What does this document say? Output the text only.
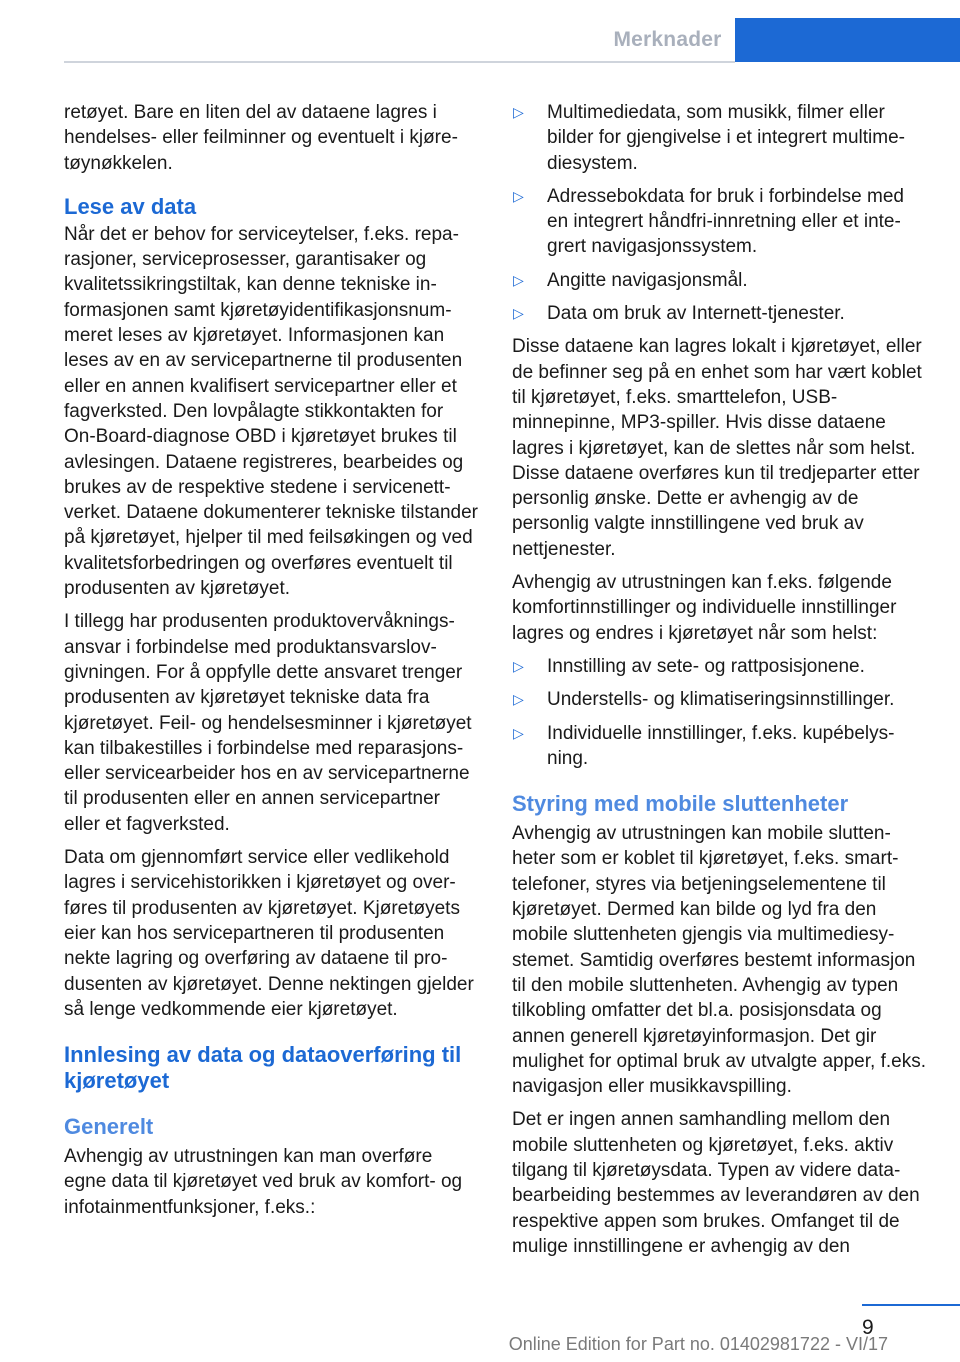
Merknader

retøyet. Bare en liten del av dataene lagres i hendelses- eller feilminner og eventuelt i kjøretøynøkkelen.

Lese av data

Når det er behov for serviceytelser, f.eks. reparasjoner, serviceprosesser, garantisaker og kvalitetssikringstiltak, kan denne tekniske informasjonen samt kjøretøyidentifikasjonsnummeret leses av kjøretøyet. Informasjonen kan leses av en av servicepartnerne til produsenten eller en annen kvalifisert servicepartner eller et fagverksted. Den lovpålagte stikkontakten for On-Board-diagnose OBD i kjøretøyet brukes til avlesingen. Dataene registreres, bearbeides og brukes av de respektive stedene i servicenettverket. Dataene dokumenterer tekniske tilstander på kjøretøyet, hjelper til med feilsøkingen og ved kvalitetsforbedringen og overføres eventuelt til produsenten av kjøretøyet.

I tillegg har produsenten produktovervåkningsansvar i forbindelse med produktansvarslovgivningen. For å oppfylle dette ansvaret trenger produsenten av kjøretøyet tekniske data fra kjøretøyet. Feil- og hendelsesminner i kjøretøyet kan tilbakestilles i forbindelse med reparasjons- eller servicearbeider hos en av servicepartnerne til produsenten eller en annen servicepartner eller et fagverksted.

Data om gjennomført service eller vedlikehold lagres i servicehistorikken i kjøretøyet og overføres til produsenten av kjøretøyet. Kjøretøyets eier kan hos servicepartneren til produsenten nekte lagring og overføring av dataene til produsenten av kjøretøyet. Denne nektingen gjelder så lenge vedkommende eier kjøretøyet.

Innlesing av data og dataoverføring til kjøretøyet
Generelt

Avhengig av utrustningen kan man overføre egne data til kjøretøyet ved bruk av komfort- og infotainmentfunksjoner, f.eks.:

▷	Multimediedata, som musikk, filmer eller bilder for gjengivelse i et integrert multimediesystem.
▷	Adressebokdata for bruk i forbindelse med en integrert håndfri-innretning eller et integrert navigasjonssystem.
▷	Angitte navigasjonsmål.
▷	Data om bruk av Internett-tjenester.

Disse dataene kan lagres lokalt i kjøretøyet, eller de befinner seg på en enhet som har vært koblet til kjøretøyet, f.eks. smarttelefon, USB-minnepinne, MP3-spiller. Hvis disse dataene lagres i kjøretøyet, kan de slettes når som helst. Disse dataene overføres kun til tredjeparter etter personlig ønske. Dette er avhengig av de personlig valgte innstillingene ved bruk av nettjenester.

Avhengig av utrustningen kan f.eks. følgende komfortinnstillinger og individuelle innstillinger lagres og endres i kjøretøyet når som helst:

▷	Innstilling av sete- og rattposisjonene.
▷	Understells- og klimatiseringsinnstillinger.
▷	Individuelle innstillinger, f.eks. kupébelysning.
Styring med mobile sluttenheter

Avhengig av utrustningen kan mobile sluttenheter som er koblet til kjøretøyet, f.eks. smarttelefoner, styres via betjeningselementene til kjøretøyet. Dermed kan bilde og lyd fra den mobile sluttenheten gjengis via multimediesystemet. Samtidig overføres bestemt informasjon til den mobile sluttenheten. Avhengig av typen tilkobling omfatter det bl.a. posisjonsdata og annen generell kjøretøyinformasjon. Det gir mulighet for optimal bruk av utvalgte apper, f.eks. navigasjon eller musikkavspilling.

Det er ingen annen samhandling mellom den mobile sluttenheten og kjøretøyet, f.eks. aktiv tilgang til kjøretøysdata. Typen av videre databearbeiding bestemmes av leverandøren av den respektive appen som brukes. Omfanget til de mulige innstillingene er avhengig av den

9
Online Edition for Part no. 01402981722 - VI/17
